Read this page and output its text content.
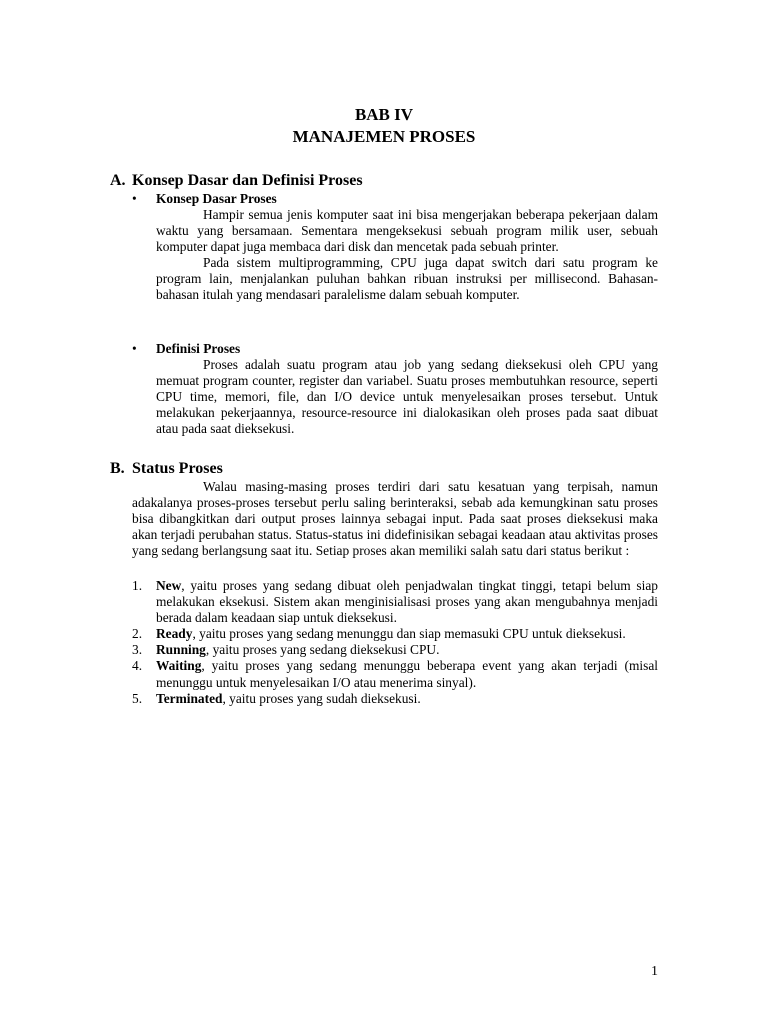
BAB IV
MANAJEMEN PROSES
A. Konsep Dasar dan Definisi Proses
• Konsep Dasar Proses

Hampir semua jenis komputer saat ini bisa mengerjakan beberapa pekerjaan dalam waktu yang bersamaan. Sementara mengeksekusi sebuah program milik user, sebuah komputer dapat juga membaca dari disk dan mencetak pada sebuah printer.

Pada sistem multiprogramming, CPU juga dapat switch dari satu program ke program lain, menjalankan puluhan bahkan ribuan instruksi per millisecond. Bahasan-bahasan itulah yang mendasari paralelisme dalam sebuah komputer.

• Definisi Proses

Proses adalah suatu program atau job yang sedang dieksekusi oleh CPU yang memuat program counter, register dan variabel. Suatu proses membutuhkan resource, seperti CPU time, memori, file, dan I/O device untuk menyelesaikan proses tersebut. Untuk melakukan pekerjaannya, resource-resource ini dialokasikan oleh proses pada saat dibuat atau pada saat dieksekusi.

B. Status Proses

Walau masing-masing proses terdiri dari satu kesatuan yang terpisah, namun adakalanya proses-proses tersebut perlu saling berinteraksi, sebab ada kemungkinan satu proses bisa dibangkitkan dari output proses lainnya sebagai input. Pada saat proses dieksekusi maka akan terjadi perubahan status. Status-status ini didefinisikan sebagai keadaan atau aktivitas proses yang sedang berlangsung saat itu. Setiap proses akan memiliki salah satu dari status berikut :

1. New, yaitu proses yang sedang dibuat oleh penjadwalan tingkat tinggi, tetapi belum siap melakukan eksekusi. Sistem akan menginisialisasi proses yang akan mengubahnya menjadi berada dalam keadaan siap untuk dieksekusi.
2. Ready, yaitu proses yang sedang menunggu dan siap memasuki CPU untuk dieksekusi.
3. Running, yaitu proses yang sedang dieksekusi CPU.
4. Waiting, yaitu proses yang sedang menunggu beberapa event yang akan terjadi (misal menunggu untuk menyelesaikan I/O atau menerima sinyal).
5. Terminated, yaitu proses yang sudah dieksekusi.
1
